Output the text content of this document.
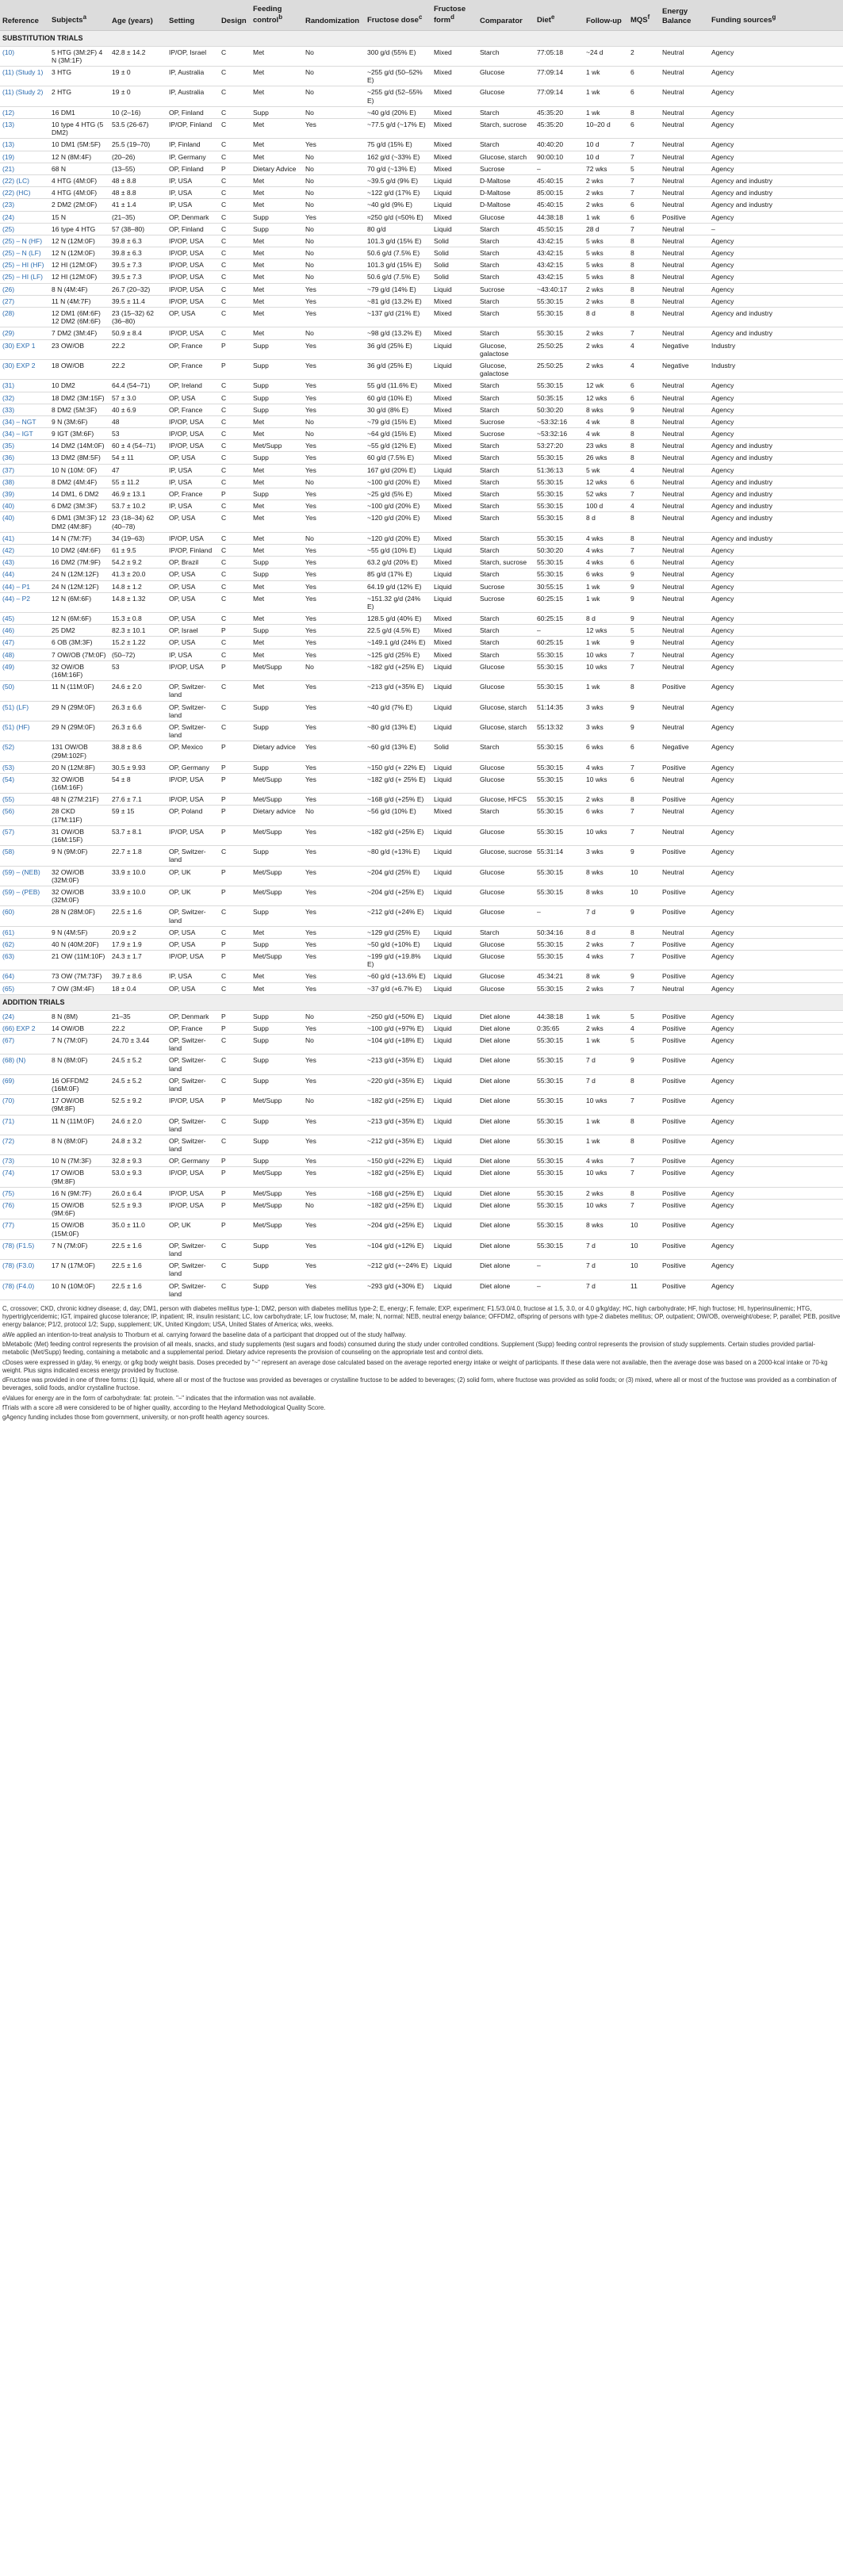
Reference	Subjects$^a$	Age (years)	Setting	Design	Feeding control$^b$	Randomization	Fructose dose$^c$	Fructose form$^d$	Comparator	Diet$^e$	Follow-up	MQS$^f$	Energy Balance	Funding sources$^g$
SUBSTITUTION TRIALS														
(10)	5 HTG (3M:2F) 4 N (3M:1F)	42.8 ± 14.2	IP/OP, Israel	C	Met	No	300 g/d (55% E)	Mixed	Starch	77:05:18	~24 d	2	Neutral	Agency
(11) (Study 1)	3 HTG	19 ± 0	IP, Australia	C	Met	No	~255 g/d (50–52% E)	Mixed	Glucose	77:09:14	1 wk	6	Neutral	Agency
(11) (Study 2)	2 HTG	19 ± 0	IP, Australia	C	Met	No	~255 g/d (52–55% E)	Mixed	Glucose	77:09:14	1 wk	6	Neutral	Agency
(12)	16 DM1	10 (2–16)	OP, Finland	C	Supp	No	~40 g/d (20% E)	Mixed	Starch	45:35:20	1 wk	8	Neutral	Agency
(13)	10 type 4 HTG (5 DM2)	53.5 (26-67)	IP/OP, Finland	C	Met	Yes	~77.5 g/d (~17% E)	Mixed	Starch, sucrose	45:35:20	10–20 d	6	Neutral	Agency
(13)	10 DM1 (5M:5F)	25.5 (19–70)	IP, Finland	C	Met	Yes	75 g/d (15% E)	Mixed	Starch	40:40:20	10 d	7	Neutral	Agency
(19)	12 N (8M:4F)	(20–26)	IP, Germany	C	Met	No	162 g/d (~33% E)	Mixed	Glucose, starch	90:00:10	10 d	7	Neutral	Agency
(21)	68 N	(13–55)	OP, Finland	P	Dietary Advice	No	70 g/d (~13% E)	Mixed	Sucrose	–	72 wks	5	Neutral	Agency
(22) (LC)	4 HTG (4M:0F)	48 ± 8.8	IP, USA	C	Met	No	~39.5 g/d (9% E)	Liquid	D-Maltose	45:40:15	2 wks	7	Neutral	Agency and industry
(22) (HC)	4 HTG (4M:0F)	48 ± 8.8	IP, USA	C	Met	No	~122 g/d (17% E)	Liquid	D-Maltose	85:00:15	2 wks	7	Neutral	Agency and industry
(23)	2 DM2 (2M:0F)	41 ± 1.4	IP, USA	C	Met	No	~40 g/d (9% E)	Liquid	D-Maltose	45:40:15	2 wks	6	Neutral	Agency and industry
(24)	15 N	(21–35)	OP, Denmark	C	Supp	Yes	≈250 g/d (≈50% E)	Mixed	Glucose	44:38:18	1 wk	6	Positive	Agency
(25)	16 type 4 HTG	57 (38–80)	OP, Finland	C	Supp	No	80 g/d	Liquid	Starch	45:50:15	28 d	7	Neutral	–
(25) – N (HF)	12 N (12M:0F)	39.8 ± 6.3	IP/OP, USA	C	Met	No	101.3 g/d (15% E)	Solid	Starch	43:42:15	5 wks	8	Neutral	Agency
(25) – N (LF)	12 N (12M:0F)	39.8 ± 6.3	IP/OP, USA	C	Met	No	50.6 g/d (7.5% E)	Solid	Starch	43:42:15	5 wks	8	Neutral	Agency
(25) – HI (HF)	12 HI (12M:0F)	39.5 ± 7.3	IP/OP, USA	C	Met	No	101.3 g/d (15% E)	Solid	Starch	43:42:15	5 wks	8	Neutral	Agency
(25) – HI (LF)	12 HI (12M:0F)	39.5 ± 7.3	IP/OP, USA	C	Met	No	50.6 g/d (7.5% E)	Solid	Starch	43:42:15	5 wks	8	Neutral	Agency
(26)	8 N (4M:4F)	26.7 (20–32)	IP/OP, USA	C	Met	Yes	~79 g/d (14% E)	Liquid	Sucrose	~43:40:17	2 wks	8	Neutral	Agency
(27)	11 N (4M:7F)	39.5 ± 11.4	IP/OP, USA	C	Met	Yes	~81 g/d (13.2% E)	Mixed	Starch	55:30:15	2 wks	8	Neutral	Agency
(28)	12 DM1 (6M:6F) 12 DM2 (6M:6F)	23 (15–32) 62 (36–80)	OP, USA	C	Met	Yes	~137 g/d (21% E)	Mixed	Starch	55:30:15	8 d	8	Neutral	Agency and industry
(29)	7 DM2 (3M:4F)	50.9 ± 8.4	IP/OP, USA	C	Met	No	~98 g/d (13.2% E)	Mixed	Starch	55:30:15	2 wks	7	Neutral	Agency and industry
(30) EXP 1	23 OW/OB	22.2	OP, France	P	Supp	Yes	36 g/d (25% E)	Liquid	Glucose, galactose	25:50:25	2 wks	4	Negative	Industry
(30) EXP 2	18 OW/OB	22.2	OP, France	P	Supp	Yes	36 g/d (25% E)	Liquid	Glucose, galactose	25:50:25	2 wks	4	Negative	Industry
(31)	10 DM2	64.4 (54–71)	OP, Ireland	C	Supp	Yes	55 g/d (11.6% E)	Mixed	Starch	55:30:15	12 wk	6	Neutral	Agency
(32)	18 DM2 (3M:15F)	57 ± 3.0	OP, USA	C	Supp	Yes	60 g/d (10% E)	Mixed	Starch	50:35:15	12 wks	6	Neutral	Agency
(33)	8 DM2 (5M:3F)	40 ± 6.9	OP, France	C	Supp	Yes	30 g/d (8% E)	Mixed	Starch	50:30:20	8 wks	9	Neutral	Agency
(34) – NGT	9 N (3M:6F)	48	IP/OP, USA	C	Met	No	~79 g/d (15% E)	Mixed	Sucrose	~53:32:16	4 wk	8	Neutral	Agency
(34) – IGT	9 IGT (3M:6F)	53	IP/OP, USA	C	Met	No	~64 g/d (15% E)	Mixed	Sucrose	~53:32:16	4 wk	8	Neutral	Agency
(35)	14 DM2 (14M:0F)	60 ± 4 (54–71)	IP/OP, USA	C	Met/Supp	Yes	~55 g/d (12% E)	Mixed	Starch	53:27:20	23 wks	8	Neutral	Agency and industry
(36)	13 DM2 (8M:5F)	54 ± 11	OP, USA	C	Supp	Yes	60 g/d (7.5% E)	Mixed	Starch	55:30:15	26 wks	8	Neutral	Agency and industry
(37)	10 N (10M: 0F)	47	IP, USA	C	Met	Yes	167 g/d (20% E)	Liquid	Starch	51:36:13	5 wk	4	Neutral	Agency
(38)	8 DM2 (4M:4F)	55 ± 11.2	IP, USA	C	Met	No	~100 g/d (20% E)	Mixed	Starch	55:30:15	12 wks	6	Neutral	Agency and industry
(39)	14 DM1, 6 DM2	46.9 ± 13.1	OP, France	P	Supp	Yes	~25 g/d (5% E)	Mixed	Starch	55:30:15	52 wks	7	Neutral	Agency and industry
(40)	6 DM2 (3M:3F)	53.7 ± 10.2	IP, USA	C	Met	Yes	~100 g/d (20% E)	Mixed	Starch	55:30:15	100 d	4	Neutral	Agency and industry
(40)	6 DM1 (3M:3F) 12 DM2 (4M:8F)	23 (18–34) 62 (40–78)	OP, USA	C	Met	Yes	~120 g/d (20% E)	Mixed	Starch	55:30:15	8 d	8	Neutral	Agency and industry
(41)	14 N (7M:7F)	34 (19–63)	IP/OP, USA	C	Met	No	~120 g/d (20% E)	Mixed	Starch	55:30:15	4 wks	8	Neutral	Agency and industry
(42)	10 DM2 (4M:6F)	61 ± 9.5	IP/OP, Finland	C	Met	Yes	~55 g/d (10% E)	Liquid	Starch	50:30:20	4 wks	7	Neutral	Agency
(43)	16 DM2 (7M:9F)	54.2 ± 9.2	OP, Brazil	C	Supp	Yes	63.2 g/d (20% E)	Mixed	Starch, sucrose	55:30:15	4 wks	6	Neutral	Agency
(44)	24 N (12M:12F)	41.3 ± 20.0	OP, USA	C	Supp	Yes	85 g/d (17% E)	Liquid	Starch	55:30:15	6 wks	9	Neutral	Agency
(44) – P1	24 N (12M:12F)	14.8 ± 1.2	OP, USA	C	Met	Yes	64.19 g/d (12% E)	Liquid	Sucrose	30:55:15	1 wk	9	Neutral	Agency
(44) – P2	12 N (6M:6F)	14.8 ± 1.32	OP, USA	C	Met	Yes	~151.32 g/d (24% E)	Liquid	Sucrose	60:25:15	1 wk	9	Neutral	Agency
(45)	12 N (6M:6F)	15.3 ± 0.8	OP, USA	C	Met	Yes	128.5 g/d (40% E)	Mixed	Starch	60:25:15	8 d	9	Neutral	Agency
(46)	25 DM2	82.3 ± 10.1	OP, Israel	P	Supp	Yes	22.5 g/d (4.5% E)	Mixed	Starch	–	12 wks	5	Neutral	Agency
(47)	6 OB (3M:3F)	15.2 ± 1.22	OP, USA	C	Met	Yes	~149.1 g/d (24% E)	Mixed	Starch	60:25:15	1 wk	9	Neutral	Agency
(48)	7 OW/OB (7M:0F)	(50–72)	IP, USA	C	Met	Yes	~125 g/d (25% E)	Mixed	Starch	55:30:15	10 wks	7	Neutral	Agency
(49)	32 OW/OB (16M:16F)	53	IP/OP, USA	P	Met/Supp	No	~182 g/d (+25% E)	Liquid	Glucose	55:30:15	10 wks	7	Neutral	Agency
(50)	11 N (11M:0F)	24.6 ± 2.0	OP, Switzer-land	C	Met	Yes	~213 g/d (+35% E)	Liquid	Glucose	55:30:15	1 wk	8	Positive	Agency
(51) (LF)	29 N (29M:0F)	26.3 ± 6.6	OP, Switzer-land	C	Supp	Yes	~40 g/d (7% E)	Liquid	Glucose, starch	51:14:35	3 wks	9	Neutral	Agency
(51) (HF)	29 N (29M:0F)	26.3 ± 6.6	OP, Switzer-land	C	Supp	Yes	~80 g/d (13% E)	Liquid	Glucose, starch	55:13:32	3 wks	9	Neutral	Agency
(52)	131 OW/OB (29M:102F)	38.8 ± 8.6	OP, Mexico	P	Dietary advice	Yes	~60 g/d (13% E)	Solid	Starch	55:30:15	6 wks	6	Negative	Agency
(53)	20 N (12M:8F)	30.5 ± 9.93	OP, Germany	P	Supp	Yes	~150 g/d (+ 22% E)	Liquid	Glucose	55:30:15	4 wks	7	Positive	Agency
(54)	32 OW/OB (16M:16F)	54 ± 8	IP/OP, USA	P	Met/Supp	Yes	~182 g/d (+ 25% E)	Liquid	Glucose	55:30:15	10 wks	6	Neutral	Agency
(55)	48 N (27M:21F)	27.6 ± 7.1	IP/OP, USA	P	Met/Supp	Yes	~168 g/d (+25% E)	Liquid	Glucose, HFCS	55:30:15	2 wks	8	Positive	Agency
(56)	28 CKD (17M:11F)	59 ± 15	OP, Poland	P	Dietary advice	No	~56 g/d (10% E)	Mixed	Starch	55:30:15	6 wks	7	Neutral	Agency
(57)	31 OW/OB (16M:15F)	53.7 ± 8.1	IP/OP, USA	P	Met/Supp	Yes	~182 g/d (+25% E)	Liquid	Glucose	55:30:15	10 wks	7	Neutral	Agency
(58)	9 N (9M:0F)	22.7 ± 1.8	OP, Switzer-land	C	Supp	Yes	~80 g/d (+13% E)	Liquid	Glucose, sucrose	55:31:14	3 wks	9	Positive	Agency
(59) – (NEB)	32 OW/OB (32M:0F)	33.9 ± 10.0	OP, UK	P	Met/Supp	Yes	~204 g/d (25% E)	Liquid	Glucose	55:30:15	8 wks	10	Neutral	Agency
(59) – (PEB)	32 OW/OB (32M:0F)	33.9 ± 10.0	OP, UK	P	Met/Supp	Yes	~204 g/d (+25% E)	Liquid	Glucose	55:30:15	8 wks	10	Positive	Agency
(60)	28 N (28M:0F)	22.5 ± 1.6	OP, Switzer-land	C	Supp	Yes	~212 g/d (+24% E)	Liquid	Glucose	–	7 d	9	Positive	Agency
(61)	9 N (4M:5F)	20.9 ± 2	OP, USA	C	Met	Yes	~129 g/d (25% E)	Liquid	Starch	50:34:16	8 d	8	Neutral	Agency
(62)	40 N (40M:20F)	17.9 ± 1.9	OP, USA	P	Supp	Yes	~50 g/d (+10% E)	Liquid	Glucose	55:30:15	2 wks	7	Positive	Agency
(63)	21 OW (11M:10F)	24.3 ± 1.7	IP/OP, USA	P	Met/Supp	Yes	~199 g/d (+19.8% E)	Liquid	Glucose	55:30:15	4 wks	7	Positive	Agency
(64)	73 OW (7M:73F)	39.7 ± 8.6	IP, USA	C	Met	Yes	~60 g/d (+13.6% E)	Liquid	Glucose	45:34:21	8 wk	9	Positive	Agency
(65)	7 OW (3M:4F)	18 ± 0.4	OP, USA	C	Met	Yes	~37 g/d (+6.7% E)	Liquid	Glucose	55:30:15	2 wks	7	Neutral	Agency
ADDITION TRIALS														
(24)	8 N (8M)	21–35	OP, Denmark	P	Supp	No	~250 g/d (+50% E)	Liquid	Diet alone	44:38:18	1 wk	5	Positive	Agency
(66) EXP 2	14 OW/OB	22.2	OP, France	P	Supp	Yes	~100 g/d (+97% E)	Liquid	Diet alone	0:35:65	2 wks	4	Positive	Agency
(67)	7 N (7M:0F)	24.70 ± 3.44	OP, Switzer-land	C	Supp	No	~104 g/d (+18% E)	Liquid	Diet alone	55:30:15	1 wk	5	Positive	Agency
(68) (N)	8 N (8M:0F)	24.5 ± 5.2	OP, Switzer-land	C	Supp	Yes	~213 g/d (+35% E)	Liquid	Diet alone	55:30:15	7 d	9	Positive	Agency
(69)	16 OFFDM2 (16M:0F)	24.5 ± 5.2	OP, Switzer-land	C	Supp	Yes	~220 g/d (+35% E)	Liquid	Diet alone	55:30:15	7 d	8	Positive	Agency
(70)	17 OW/OB (9M:8F)	52.5 ± 9.2	IP/OP, USA	P	Met/Supp	No	~182 g/d (+25% E)	Liquid	Diet alone	55:30:15	10 wks	7	Positive	Agency
(71)	11 N (11M:0F)	24.6 ± 2.0	OP, Switzer-land	C	Supp	Yes	~213 g/d (+35% E)	Liquid	Diet alone	55:30:15	1 wk	8	Positive	Agency
(72)	8 N (8M:0F)	24.8 ± 3.2	OP, Switzer-land	C	Supp	Yes	~212 g/d (+35% E)	Liquid	Diet alone	55:30:15	1 wk	8	Positive	Agency
(73)	10 N (7M:3F)	32.8 ± 9.3	OP, Germany	P	Supp	Yes	~150 g/d (+22% E)	Liquid	Diet alone	55:30:15	4 wks	7	Positive	Agency
(74)	17 OW/OB (9M:8F)	53.0 ± 9.3	IP/OP, USA	P	Met/Supp	Yes	~182 g/d (+25% E)	Liquid	Diet alone	55:30:15	10 wks	7	Positive	Agency
(75)	16 N (9M:7F)	26.0 ± 6.4	IP/OP, USA	P	Met/Supp	Yes	~168 g/d (+25% E)	Liquid	Diet alone	55:30:15	2 wks	8	Positive	Agency
(76)	15 OW/OB (9M:6F)	52.5 ± 9.3	IP/OP, USA	P	Met/Supp	No	~182 g/d (+25% E)	Liquid	Diet alone	55:30:15	10 wks	7	Positive	Agency
(77)	15 OW/OB (15M:0F)	35.0 ± 11.0	OP, UK	P	Met/Supp	Yes	~204 g/d (+25% E)	Liquid	Diet alone	55:30:15	8 wks	10	Positive	Agency
(78) (F1.5)	7 N (7M:0F)	22.5 ± 1.6	OP, Switzer-land	C	Supp	Yes	~104 g/d (+12% E)	Liquid	Diet alone	55:30:15	7 d	10	Positive	Agency
(78) (F3.0)	17 N (17M:0F)	22.5 ± 1.6	OP, Switzer-land	C	Supp	Yes	~212 g/d (+~24% E)	Liquid	Diet alone	–	7 d	10	Positive	Agency
(78) (F4.0)	10 N (10M:0F)	22.5 ± 1.6	OP, Switzer-land	C	Supp	Yes	~293 g/d (+30% E)	Liquid	Diet alone	–	7 d	11	Positive	Agency

C, crossover; CKD, chronic kidney disease; d, day; DM1, person with diabetes mellitus type-1; DM2, person with diabetes mellitus type-2; E, energy; F, female; EXP, experiment; F1.5/3.0/4.0, fructose at 1.5, 3.0, or 4.0 g/kg/day; HC, high carbohydrate; HF, high fructose; HI, hyperinsulinemic; HTG, hypertriglyceridemic; IGT, impaired glucose tolerance; IP, inpatient; IR, insulin resistant; LC, low carbohydrate; LF, low fructose; M, male; N, normal; NEB, neutral energy balance; OFFDM2, offspring of persons with type-2 diabetes mellitus; OP, outpatient; OW/OB, overweight/obese; P, parallel; PEB, positive energy balance; P1/2, protocol 1/2; Supp, supplement; UK, United Kingdom; USA, United States of America; wks, weeks.

aWe applied an intention-to-treat analysis to Thorburn et al. carrying forward the baseline data of a participant that dropped out of the study halfway.

bMetabolic (Met) feeding control represents the provision of all meals, snacks, and study supplements (test sugars and foods) consumed during the study under controlled conditions. Supplement (Supp) feeding control represents the provision of study supplements. Certain studies provided partial-metabolic (Met/Supp) feeding, containing a metabolic and a supplemental period. Dietary advice represents the provision of counseling on the appropriate test and control diets.

cDoses were expressed in g/day, % energy, or g/kg body weight basis. Doses preceded by "~" represent an average dose calculated based on the average reported energy intake or weight of participants. If these data were not available, then the average dose was based on a 2000-kcal intake or 70-kg weight. Plus signs indicated excess energy provided by fructose.

dFructose was provided in one of three forms: (1) liquid, where all or most of the fructose was provided as beverages or crystalline fructose to be added to beverages; (2) solid form, where fructose was provided as solid foods; or (3) mixed, where all or most of the fructose was provided as a combination of beverages, solid foods, and/or crystalline fructose.

eValues for energy are in the form of carbohydrate: fat: protein. "–" indicates that the information was not available.

fTrials with a score ≥8 were considered to be of higher quality, according to the Heyland Methodological Quality Score.

gAgency funding includes those from government, university, or non-profit health agency sources.
